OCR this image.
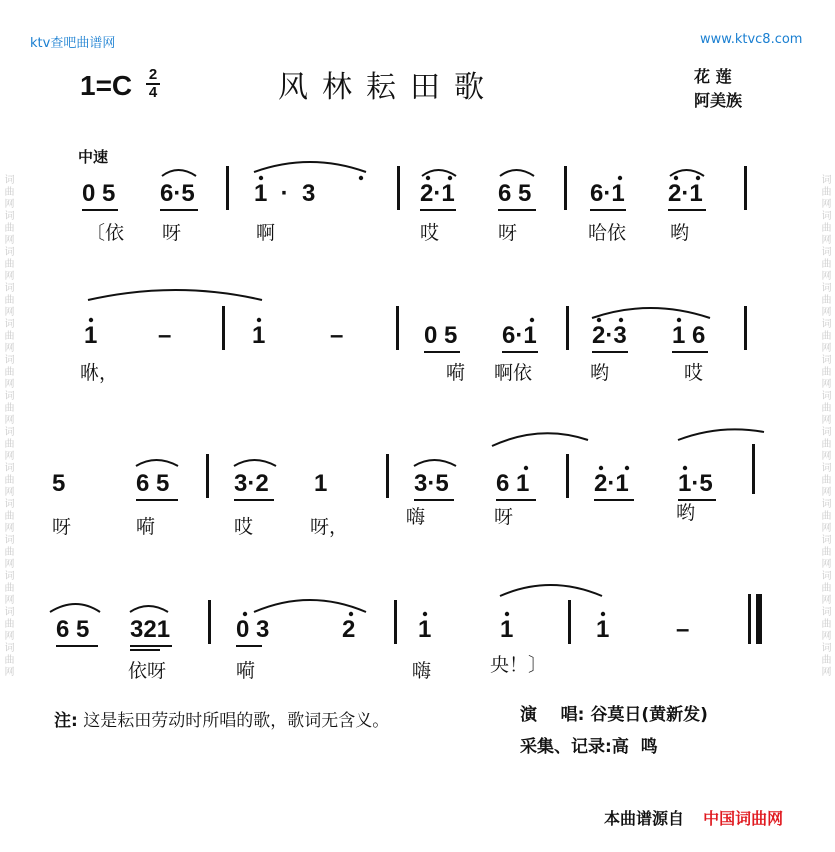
词曲网词曲网词曲网词曲网词曲网词曲网词曲网词曲网词曲网词曲网词曲网词曲网词曲网词曲网	词曲网词曲网词曲网词曲网词曲网词曲网词曲网词曲网词曲网词曲网词曲网词曲网词曲网词曲网
ktv查吧曲谱网	www.ktvc8.com
1=C 2
4	风林耘田歌	花 莲
阿美族
中速
0 5 6·5 1  ·  3	2·1 6 5 6·1 2·1
〔依 呀	啊	哎	呀	哈依 哟
1	–	1	–	0 5 6·1 2·3 1 6
咻，	嗬 啊依	哟	哎
5	6 5	3·2 1	3·5 6 1	2·1 1·5
呀	嗬	哎	呀，	嗨	呀	哟
6 5 321	0 3	2	1	1	1	–
依呀	嗬	嗨	央！〕
注: 这是耘田劳动时所唱的歌，歌词无含义。	演    唱: 谷莫日(黄新发)
采集、记录:高  鸣
本曲谱源自 中国词曲网
